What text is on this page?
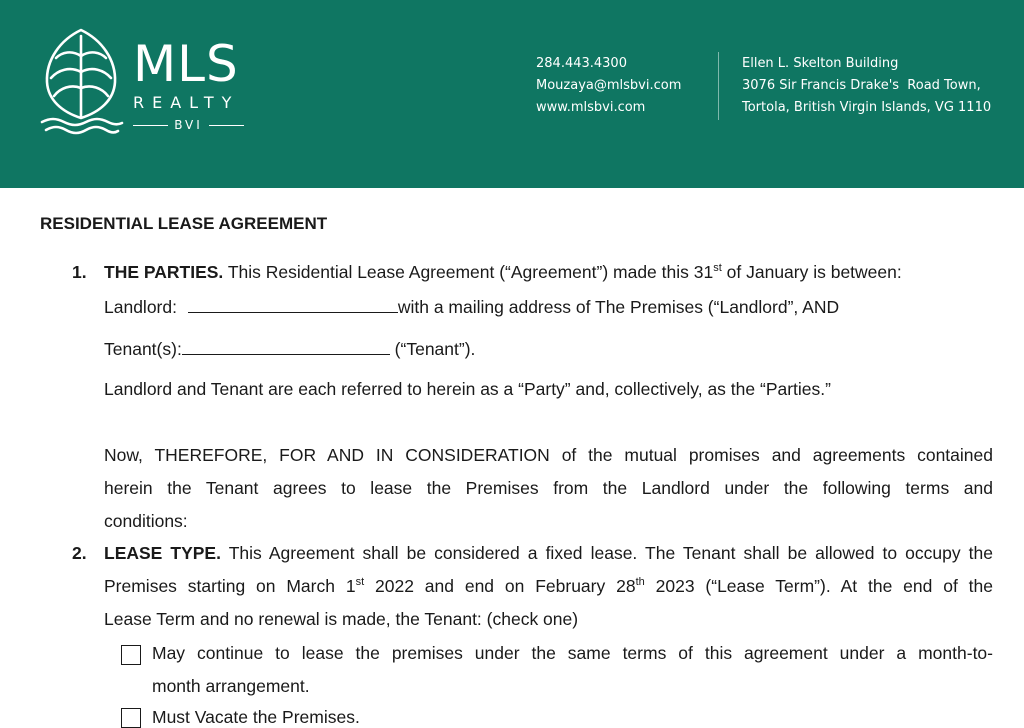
MLS
REALTY
BVI
284.443.4300
Mouzaya@mlsbvi.com
www.mlsbvi.com
Ellen L. Skelton Building
3076 Sir Francis Drake's  Road Town,
Tortola, British Virgin Islands, VG 1110
RESIDENTIAL LEASE AGREEMENT
1. THE PARTIES. This Residential Lease Agreement (“Agreement”) made this 31st of January is between:
Landlord:	with a mailing address of The Premises (“Landlord”, AND
Tenant(s):	(“Tenant”).
Landlord and Tenant are each referred to herein as a “Party” and, collectively, as the “Parties.”
Now, THEREFORE, FOR AND IN CONSIDERATION of the mutual promises and agreements contained
herein the Tenant agrees to lease the Premises from the Landlord under the following terms and
conditions:
2. LEASE TYPE. This Agreement shall be considered a fixed lease. The Tenant shall be allowed to occupy the
Premises starting on March 1st 2022 and end on February 28th 2023 (“Lease Term”). At the end of the
Lease Term and no renewal is made, the Tenant: (check one)
May continue to lease the premises under the same terms of this agreement under a month-to-
month arrangement.
Must Vacate the Premises.
